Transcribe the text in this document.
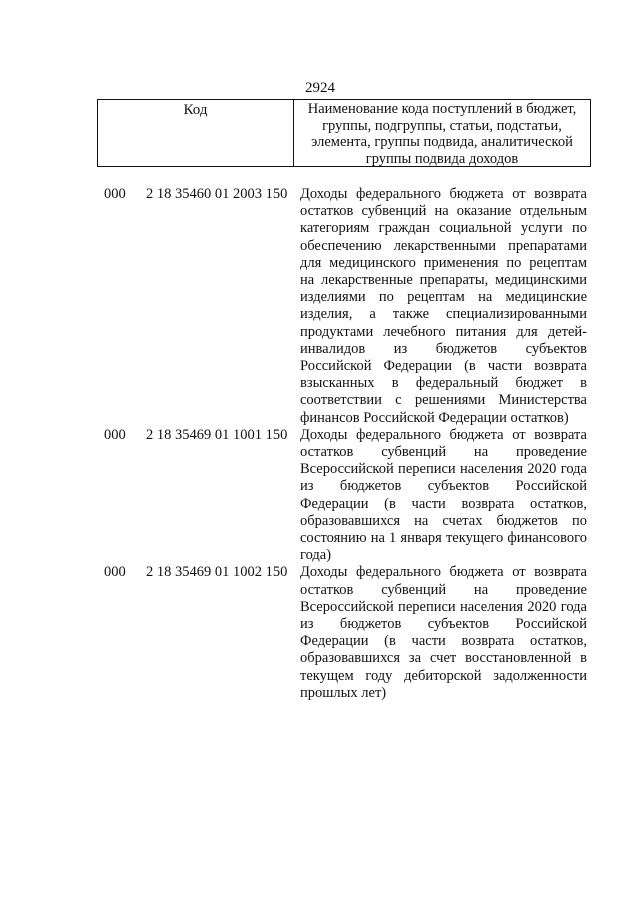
2924
Код	Наименование кода поступлений в бюджет,
группы, подгруппы, статьи, подстатьи,
элемента, группы подвида, аналитической
группы подвида доходов
000 2 18 35460 01 2003 150 Доходы федерального бюджета от возврата
остатков субвенций на оказание отдельным
категориям граждан социальной услуги по
обеспечению лекарственными препаратами
для медицинского применения по рецептам
на лекарственные препараты, медицинскими
изделиями по рецептам на медицинские
изделия, а также специализированными
продуктами лечебного питания для детей-
инвалидов из бюджетов субъектов
Российской Федерации (в части возврата
взысканных в федеральный бюджет в
соответствии с решениями Министерства
финансов Российской Федерации остатков)
000 2 18 35469 01 1001 150 Доходы федерального бюджета от возврата
остатков субвенций на проведение
Всероссийской переписи населения 2020 года
из бюджетов субъектов Российской
Федерации (в части возврата остатков,
образовавшихся на счетах бюджетов по
состоянию на 1 января текущего финансового
года)
000 2 18 35469 01 1002 150 Доходы федерального бюджета от возврата
остатков субвенций на проведение
Всероссийской переписи населения 2020 года
из бюджетов субъектов Российской
Федерации (в части возврата остатков,
образовавшихся за счет восстановленной в
текущем году дебиторской задолженности
прошлых лет)
